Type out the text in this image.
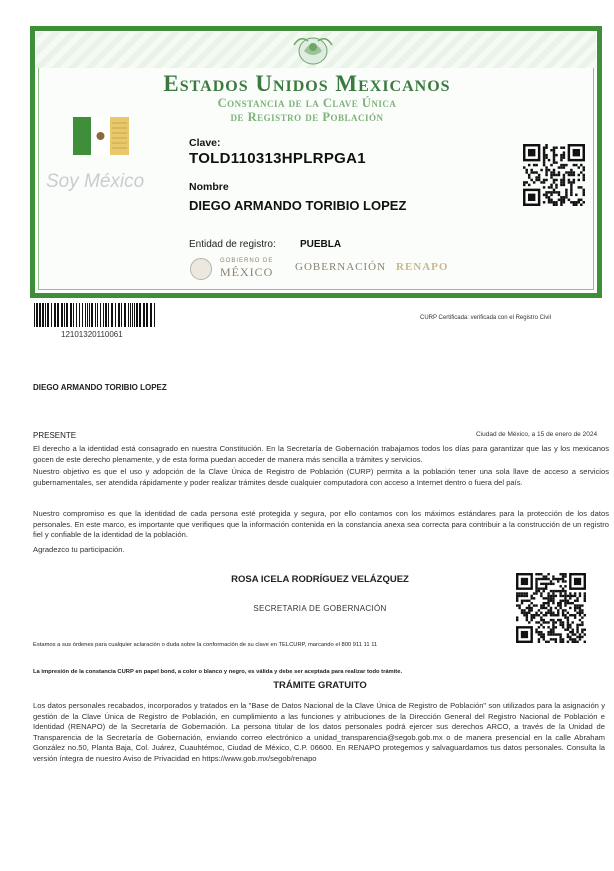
Estados Unidos Mexicanos
Constancia de la Clave Única
de Registro de Población
Soy México
Clave:
TOLD110313HPLRPGA1
Nombre
DIEGO ARMANDO TORIBIO LOPEZ
Entidad de registro: PUEBLA
GOBIERNO DE
MÉXICO GOBERNACIÓN RENAPO
12101320110061
CURP Certificada: verificada con el Registro Civil
DIEGO ARMANDO TORIBIO LOPEZ
PRESENTE	Ciudad de México, a 15 de enero de 2024
El derecho a la identidad está consagrado en nuestra Constitución. En la Secretaría de Gobernación trabajamos todos los días para garantizar que las y los mexicanos gocen de este derecho plenamente, y de esta forma puedan acceder de manera más sencilla a trámites y servicios.
Nuestro objetivo es que el uso y adopción de la Clave Única de Registro de Población (CURP) permita a la población tener una sola llave de acceso a servicios gubernamentales, ser atendida rápidamente y poder realizar trámites desde cualquier computadora con acceso a Internet dentro o fuera del país.
Nuestro compromiso es que la identidad de cada persona esté protegida y segura, por ello contamos con los máximos estándares para la protección de los datos personales. En este marco, es importante que verifiques que la información contenida en la constancia anexa sea correcta para contribuir a la construcción de un registro fiel y confiable de la identidad de la población.
Agradezco tu participación.
ROSA ICELA RODRÍGUEZ VELÁZQUEZ
SECRETARIA DE GOBERNACIÓN
Estamos a sus órdenes para cualquier aclaración o duda sobre la conformación de su clave en TELCURP, marcando el 800 911 11 11
La impresión de la constancia CURP en papel bond, a color o blanco y negro, es válida y debe ser aceptada para realizar todo trámite.
TRÁMITE GRATUITO
Los datos personales recabados, incorporados y tratados en la "Base de Datos Nacional de la Clave Única de Registro de Población" son utilizados para la asignación y gestión de la Clave Única de Registro de Población, en cumplimiento a las funciones y atribuciones de la Dirección General del Registro Nacional de Población e Identidad (RENAPO) de la Secretaría de Gobernación. La persona titular de los datos personales podrá ejercer sus derechos ARCO, a través de la Unidad de Transparencia de la Secretaría de Gobernación, enviando correo electrónico a unidad_transparencia@segob.gob.mx o de manera presencial en la calle Abraham González no.50, Planta Baja, Col. Juárez, Cuauhtémoc, Ciudad de México, C.P. 06600. En RENAPO protegemos y salvaguardamos tus datos personales. Consulta la versión íntegra de nuestro Aviso de Privacidad en https://www.gob.mx/segob/renapo
